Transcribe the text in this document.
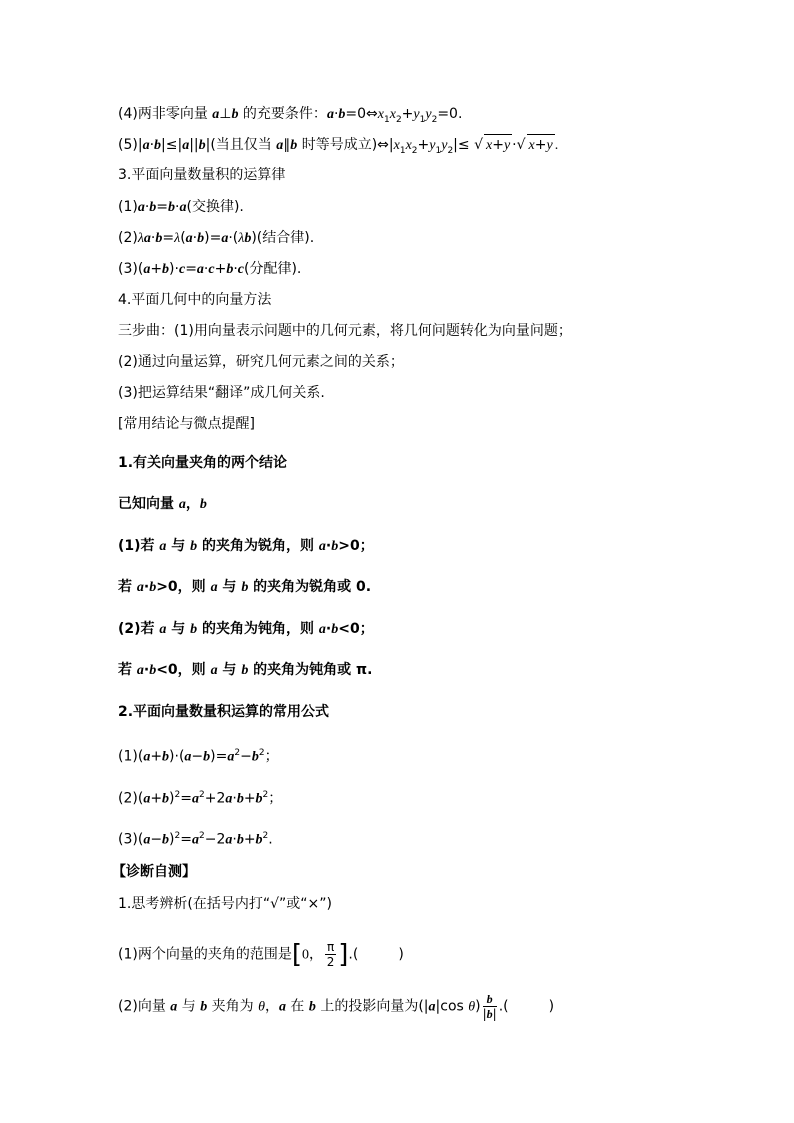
(4)两非零向量 a⊥b 的充要条件：$a\cdot b=0\Leftrightarrow x_1x_2+y_1y_2=0$.
(5)|a·b|≤|a||b|(当且仅当 a∥b 时等号成立)$\Leftrightarrow|x_1x_2+y_1y_2|\le$ √ x+y ·√ x+y .
3.平面向量数量积的运算律
(1)a·b=b·a(交换律).
(2)λa·b=λ(a·b)=a·(λb)(结合律).
(3)(a+b)·c=a·c+b·c(分配律).
4.平面几何中的向量方法
三步曲：(1)用向量表示问题中的几何元素，将几何问题转化为向量问题；
(2)通过向量运算，研究几何元素之间的关系；
(3)把运算结果“翻译”成几何关系.
[常用结论与微点提醒]
1.有关向量夹角的两个结论
已知向量 a，b
(1)若 a 与 b 的夹角为锐角，则 a·b>0；
若 a·b>0，则 a 与 b 的夹角为锐角或 0.
(2)若 a 与 b 的夹角为钝角，则 a·b<0；
若 a·b<0，则 a 与 b 的夹角为钝角或 π.
2.平面向量数量积运算的常用公式
$(1)(a+b)\cdot(a-b)=a^2-b^2$；
$(2)(a+b)^2=a^2+2a\cdot b+b^2$；
$(3)(a-b)^2=a^2-2a\cdot b+b^2$.
【诊断自测】
1.思考辨析(在括号内打“√”或“×”)
(1)两个向量的夹角的范围是[0， $\frac{\pi}{2}$ ].(	)
(2)向量 a 与 b 夹角为 θ，a 在 b 上的投影向量为(|a|cos $\theta) \frac{b}{|b|}$ .(	)
